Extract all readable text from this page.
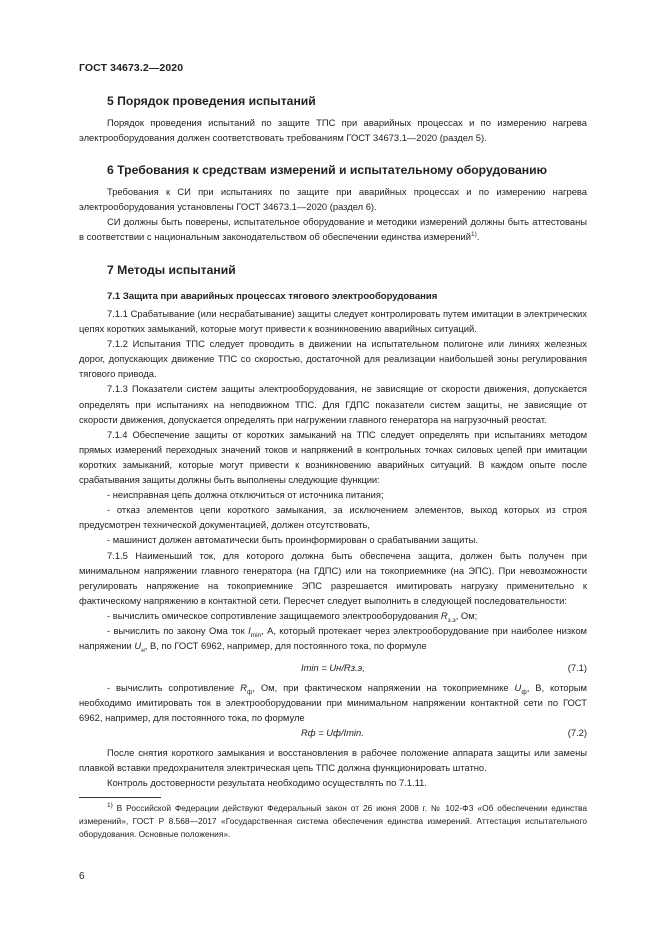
ГОСТ 34673.2—2020
5 Порядок проведения испытаний

Порядок проведения испытаний по защите ТПС при аварийных процессах и по измерению нагрева электрооборудования должен соответствовать требованиям ГОСТ 34673.1—2020 (раздел 5).

6 Требования к средствам измерений и испытательному оборудованию

Требования к СИ при испытаниях по защите при аварийных процессах и по измерению нагрева электрооборудования установлены ГОСТ 34673.1—2020 (раздел 6).

СИ должны быть поверены, испытательное оборудование и методики измерений должны быть аттестованы в соответствии с национальным законодательством об обеспечении единства измерений$^{1)}$.

7 Методы испытаний
7.1 Защита при аварийных процессах тягового электрооборудования

7.1.1 Срабатывание (или несрабатывание) защиты следует контролировать путем имитации в электрических цепях коротких замыканий, которые могут привести к возникновению аварийных ситуаций.

7.1.2 Испытания ТПС следует проводить в движении на испытательном полигоне или линиях железных дорог, допускающих движение ТПС со скоростью, достаточной для реализации наибольшей зоны регулирования тягового привода.

7.1.3 Показатели систем защиты электрооборудования, не зависящие от скорости движения, допускается определять при испытаниях на неподвижном ТПС. Для ГДПС показатели систем защиты, не зависящие от скорости движения, допускается определять при нагружении главного генератора на нагрузочный реостат.

7.1.4 Обеспечение защиты от коротких замыканий на ТПС следует определять при испытаниях методом прямых измерений переходных значений токов и напряжений в контрольных точках силовых цепей при имитации коротких замыканий, которые могут привести к возникновению аварийных ситуаций. В каждом опыте после срабатывания защиты должны быть выполнены следующие функции:

- неисправная цепь должна отключиться от источника питания;

- отказ элементов цепи короткого замыкания, за исключением элементов, выход которых из строя предусмотрен технической документацией, должен отсутствовать,

- машинист должен автоматически быть проинформирован о срабатывании защиты.

7.1.5 Наименьший ток, для которого должна быть обеспечена защита, должен быть получен при минимальном напряжении главного генератора (на ГДПС) или на токоприемнике (на ЭПС). При невозможности регулировать напряжение на токоприемнике ЭПС разрешается имитировать нагрузку применительно к фактическому напряжению в контактной сети. Пересчет следует выполнить в следующей последовательности:

- вычислить омическое сопротивление защищаемого электрооборудования $R_{з.э}$, Ом;

- вычислить по закону Ома ток $I_{min}$, А, который протекает через электрооборудование при наиболее низком напряжении $U_н$, В, по ГОСТ 6962, например, для постоянного тока, по формуле

Imin = Uн/Rз.э,	(7.1)

- вычислить сопротивление $R_ф$, Ом, при фактическом напряжении на токоприемнике $U_ф$, В, которым необходимо имитировать ток в электрооборудовании при минимальном напряжении контактной сети по ГОСТ 6962, например, для постоянного тока, по формуле

Rф = Uф/Imin.	(7.2)

После снятия короткого замыкания и восстановления в рабочее положение аппарата защиты или замены плавкой вставки предохранителя электрическая цепь ТПС должна функционировать штатно.

Контроль достоверности результата необходимо осуществлять по 7.1.11.

$^{1)}$ В Российской Федерации действуют Федеральный закон от 26 июня 2008 г. № 102-ФЗ «Об обеспечении единства измерений», ГОСТ Р 8.568—2017 «Государственная система обеспечения единства измерений. Аттестация испытательного оборудования. Основные положения».

6
